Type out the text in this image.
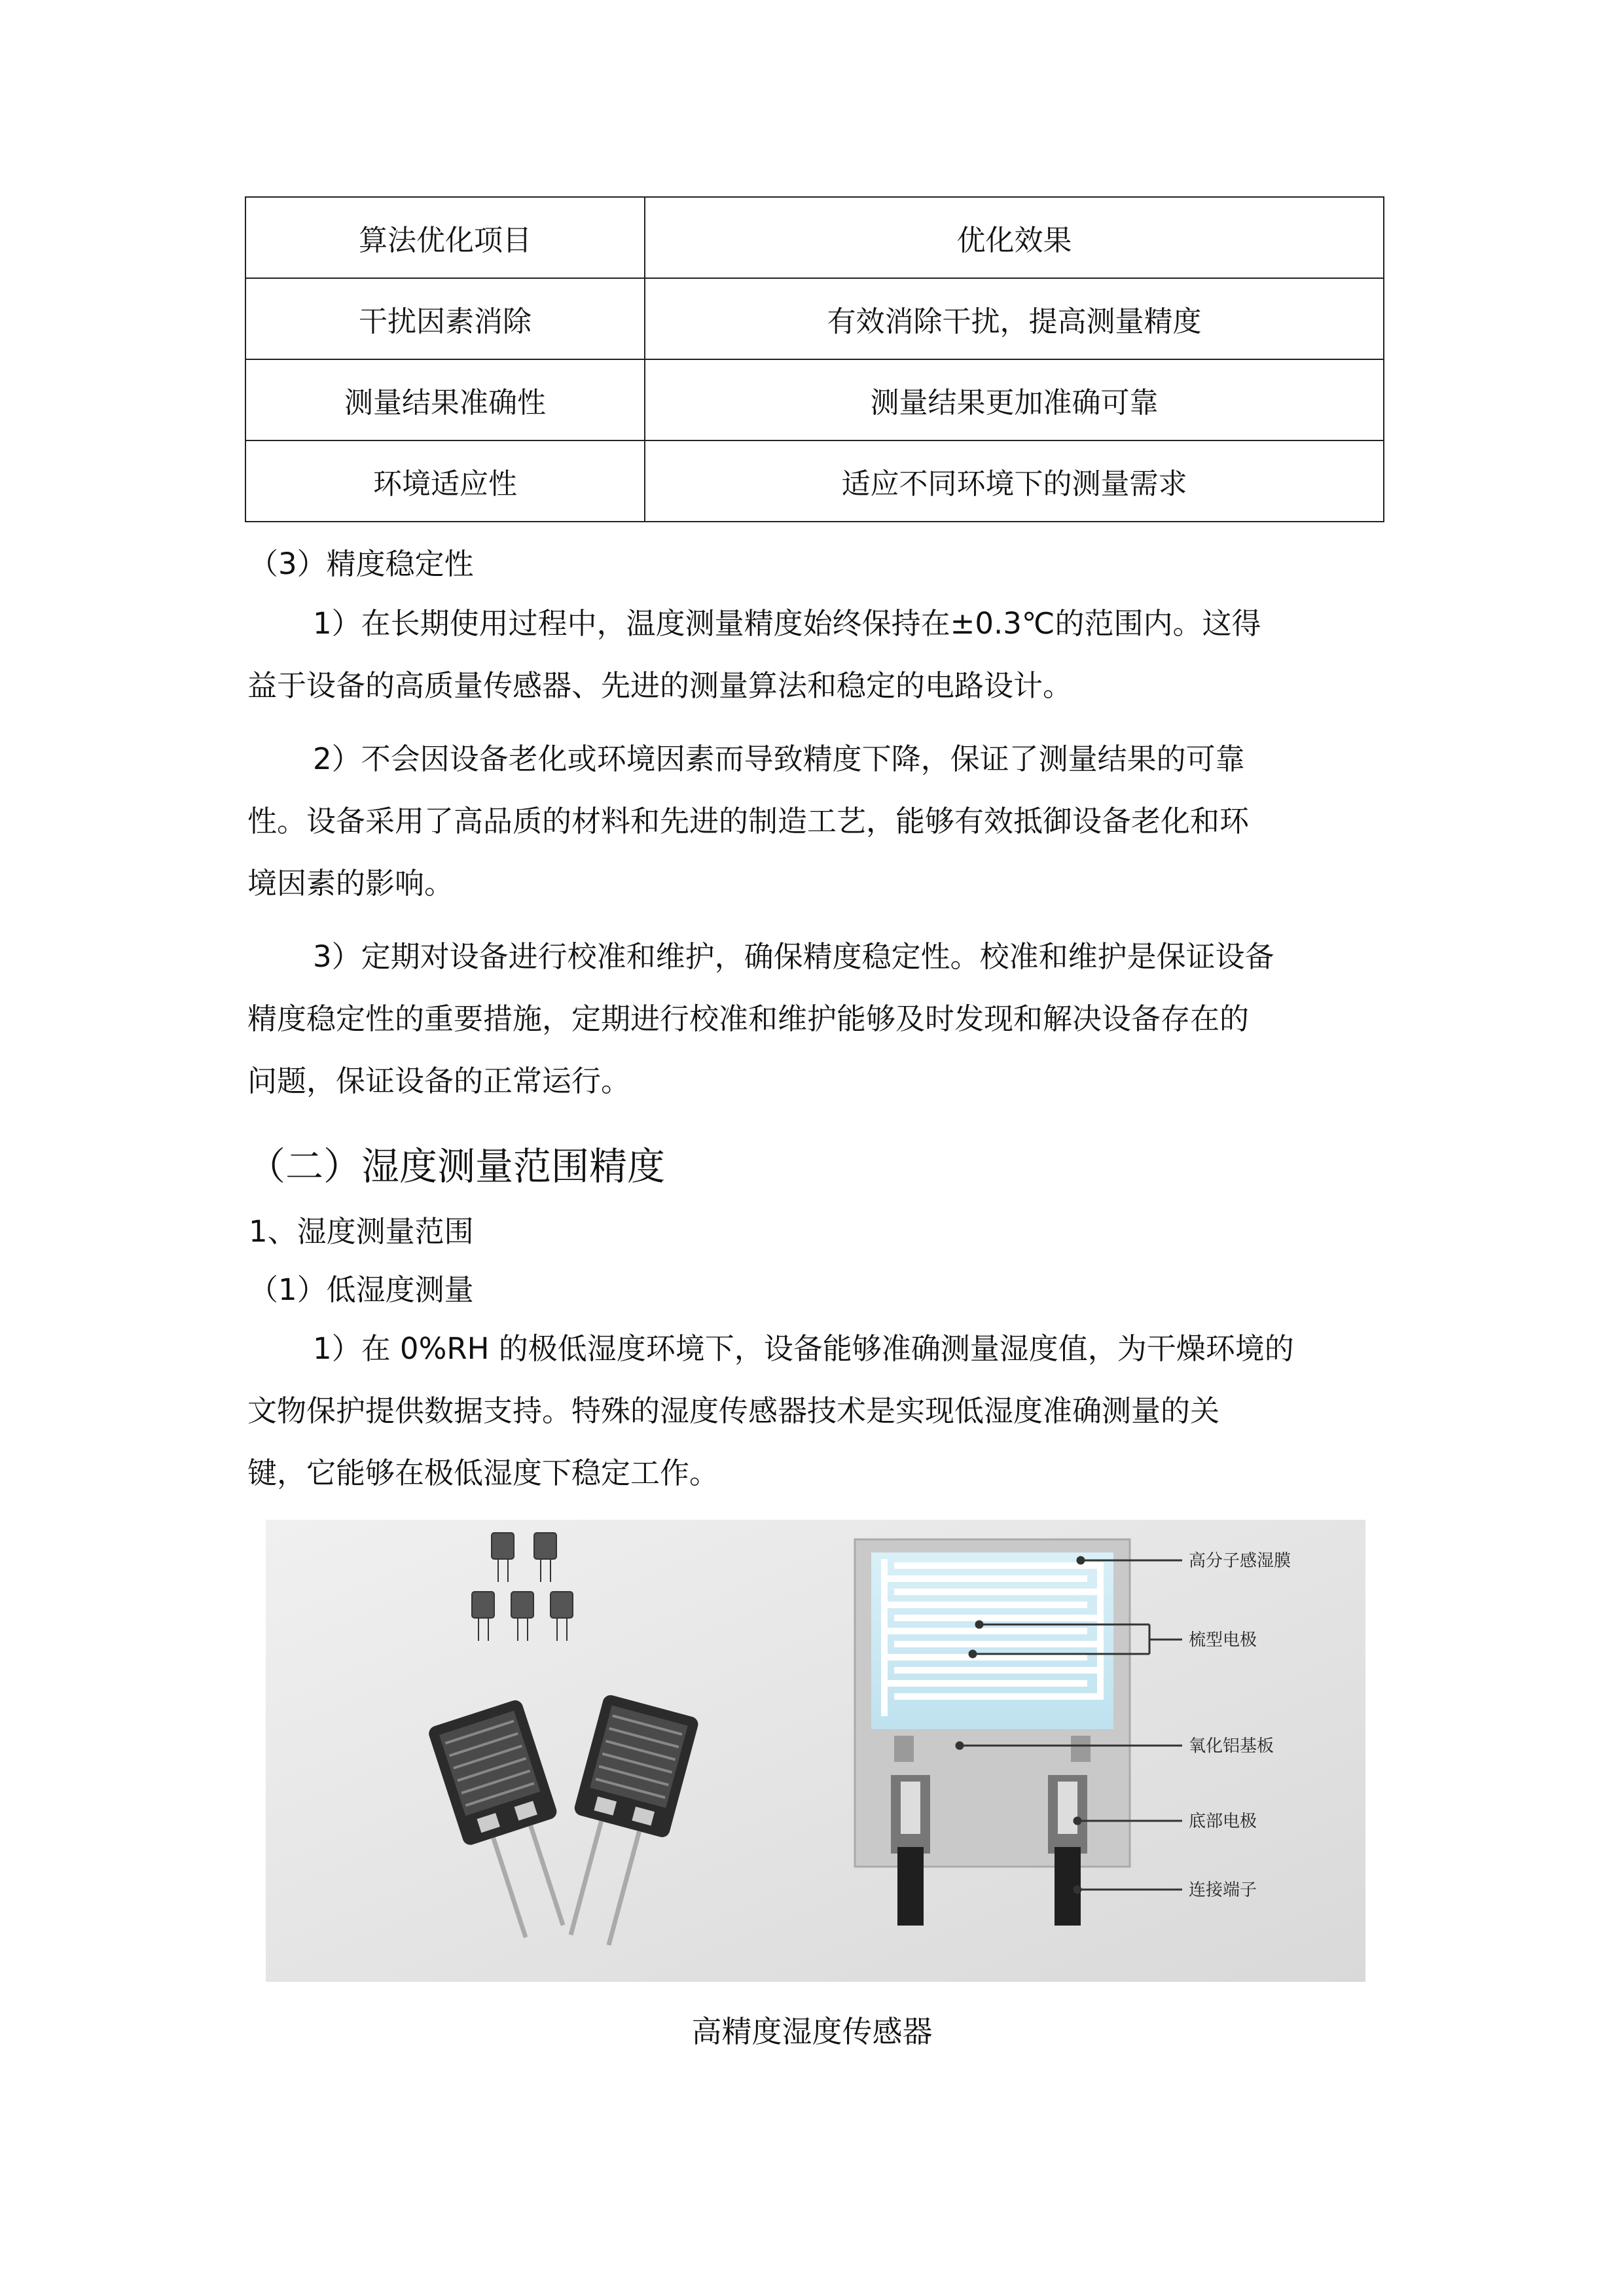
算法优化项目	优化效果
干扰因素消除	有效消除干扰，提高测量精度
测量结果准确性	测量结果更加准确可靠
环境适应性	适应不同环境下的测量需求
（3）精度稳定性
1）在长期使用过程中，温度测量精度始终保持在±0.3℃的范围内。这得
益于设备的高质量传感器、先进的测量算法和稳定的电路设计。
2）不会因设备老化或环境因素而导致精度下降，保证了测量结果的可靠
性。设备采用了高品质的材料和先进的制造工艺，能够有效抵御设备老化和环
境因素的影响。
3）定期对设备进行校准和维护，确保精度稳定性。校准和维护是保证设备
精度稳定性的重要措施，定期进行校准和维护能够及时发现和解决设备存在的
问题，保证设备的正常运行。
（二）湿度测量范围精度
1、湿度测量范围
（1）低湿度测量
1）在 0%RH 的极低湿度环境下，设备能够准确测量湿度值，为干燥环境的
文物保护提供数据支持。特殊的湿度传感器技术是实现低湿度准确测量的关
键，它能够在极低湿度下稳定工作。
高分子感湿膜
梳型电极
氧化铝基板
底部电极
连接端子
高精度湿度传感器
